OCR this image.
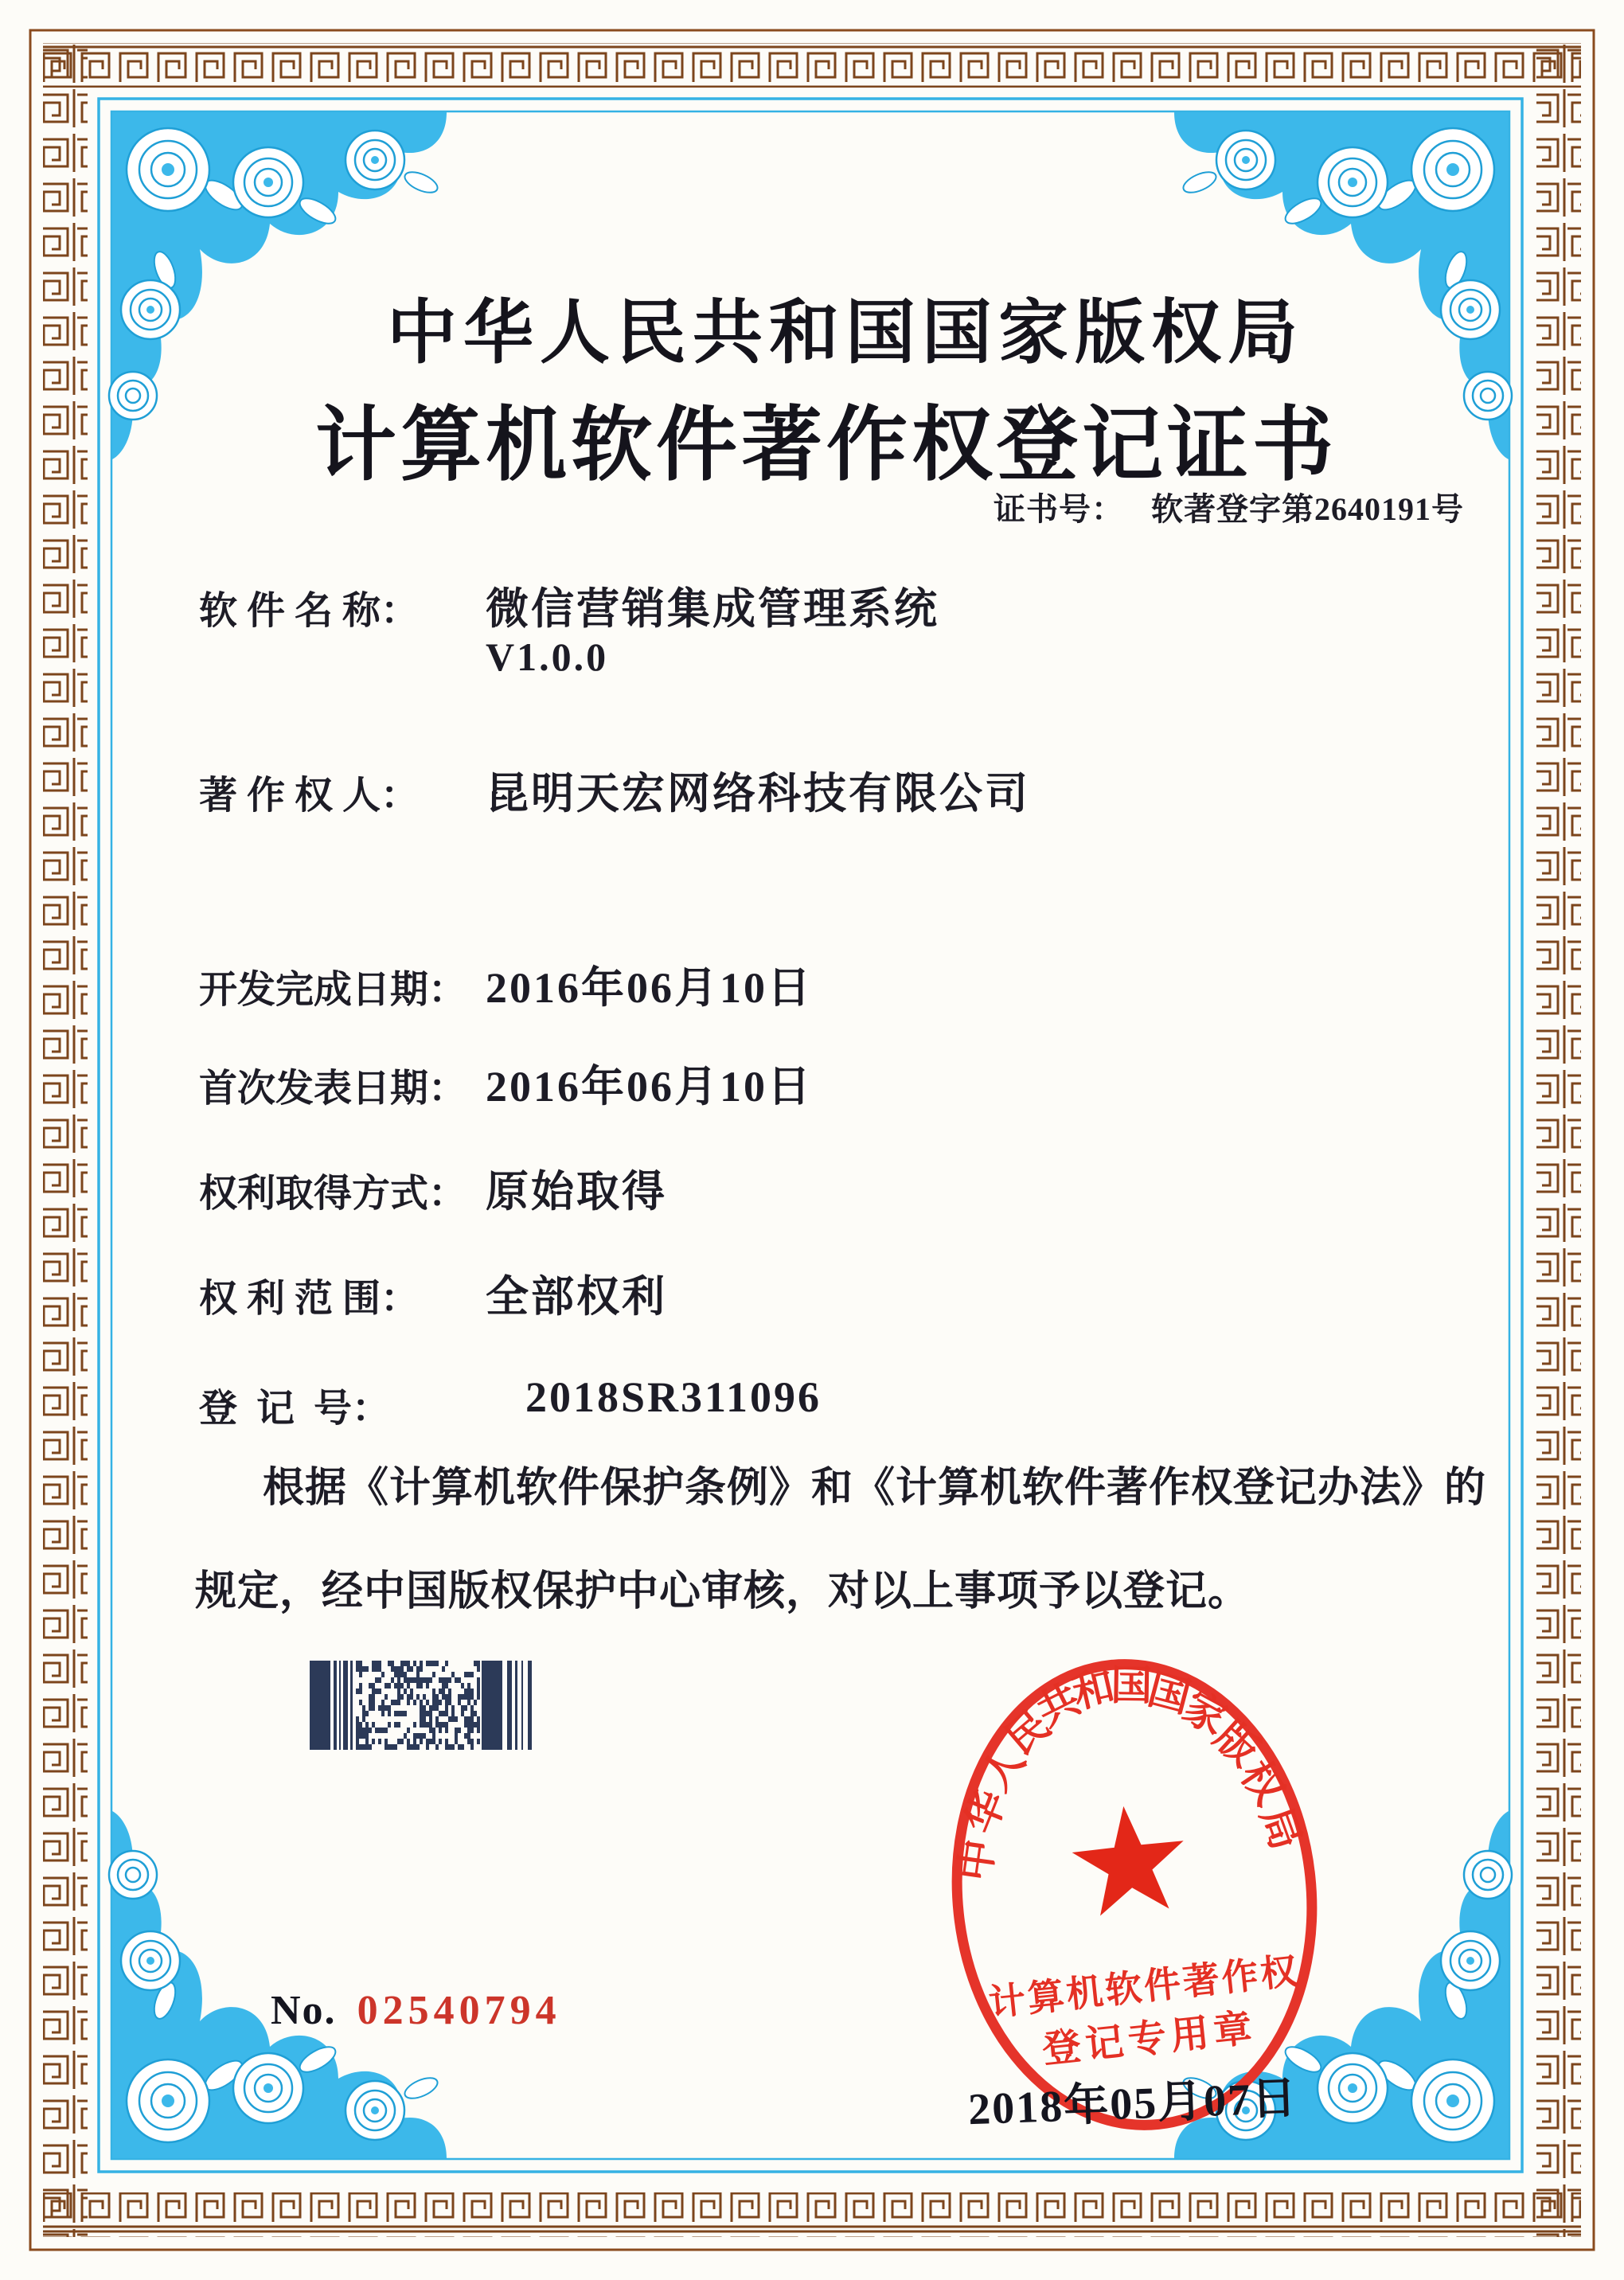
中华人民共和国国家版权局
计算机软件著作权登记证书
证书号： 软著登字第2640191号
软 件 名 称： 微信营销集成管理系统
V1.0.0
著 作 权 人： 昆明天宏网络科技有限公司
开发完成日期： 2016年06月10日
首次发表日期： 2016年06月10日
权利取得方式： 原始取得
权 利 范 围： 全部权利
登  记  号：	2018SR311096
根据《计算机软件保护条例》和《计算机软件著作权登记办法》的
规定，经中国版权保护中心审核，对以上事项予以登记。
No. 02540794
中
华
人
民
共
和
国
国
家
版
权
局
计算机软件著作权
登记专用章
2018年05月07日
